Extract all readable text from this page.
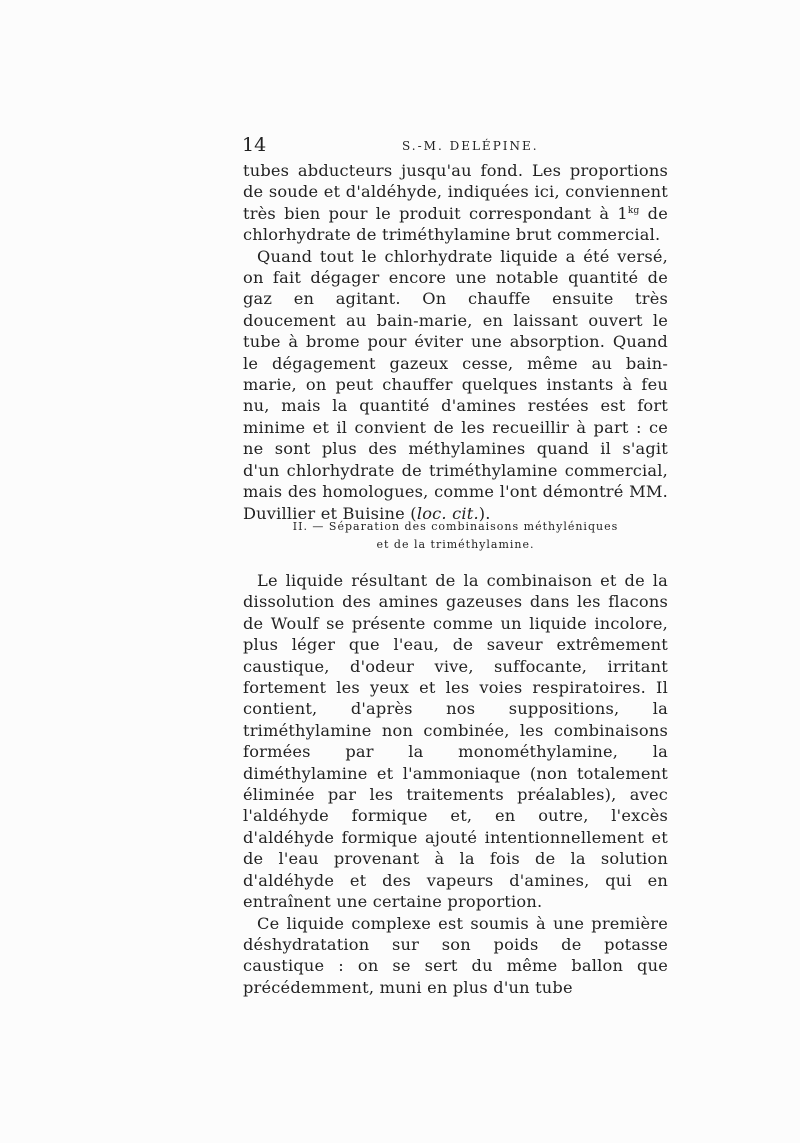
14	S.-M. DELÉPINE.

tubes abducteurs jusqu'au fond. Les proportions de soude et d'aldéhyde, indiquées ici, conviennent très bien pour le produit correspondant à $1^{kg}$ de chlorhydrate de triméthylamine brut commercial.

Quand tout le chlorhydrate liquide a été versé, on fait dégager encore une notable quantité de gaz en agitant. On chauffe ensuite très doucement au bain-marie, en laissant ouvert le tube à brome pour éviter une absorption. Quand le dégagement gazeux cesse, même au bain-marie, on peut chauffer quelques instants à feu nu, mais la quantité d'amines restées est fort minime et il convient de les recueillir à part : ce ne sont plus des méthylamines quand il s'agit d'un chlorhydrate de triméthylamine commercial, mais des homologues, comme l'ont démontré MM. Duvillier et Buisine (loc. cit.).

II. — Séparation des combinaisons méthyléniques
et de la triméthylamine.

Le liquide résultant de la combinaison et de la dissolution des amines gazeuses dans les flacons de Woulf se présente comme un liquide incolore, plus léger que l'eau, de saveur extrêmement caustique, d'odeur vive, suffocante, irritant fortement les yeux et les voies respiratoires. Il contient, d'après nos suppositions, la triméthylamine non combinée, les combinaisons formées par la monométhylamine, la diméthylamine et l'ammoniaque (non totalement éliminée par les traitements préalables), avec l'aldéhyde formique et, en outre, l'excès d'aldéhyde formique ajouté intentionnellement et de l'eau provenant à la fois de la solution d'aldéhyde et des vapeurs d'amines, qui en entraînent une certaine proportion.

Ce liquide complexe est soumis à une première déshydratation sur son poids de potasse caustique : on se sert du même ballon que précédemment, muni en plus d'un tube
